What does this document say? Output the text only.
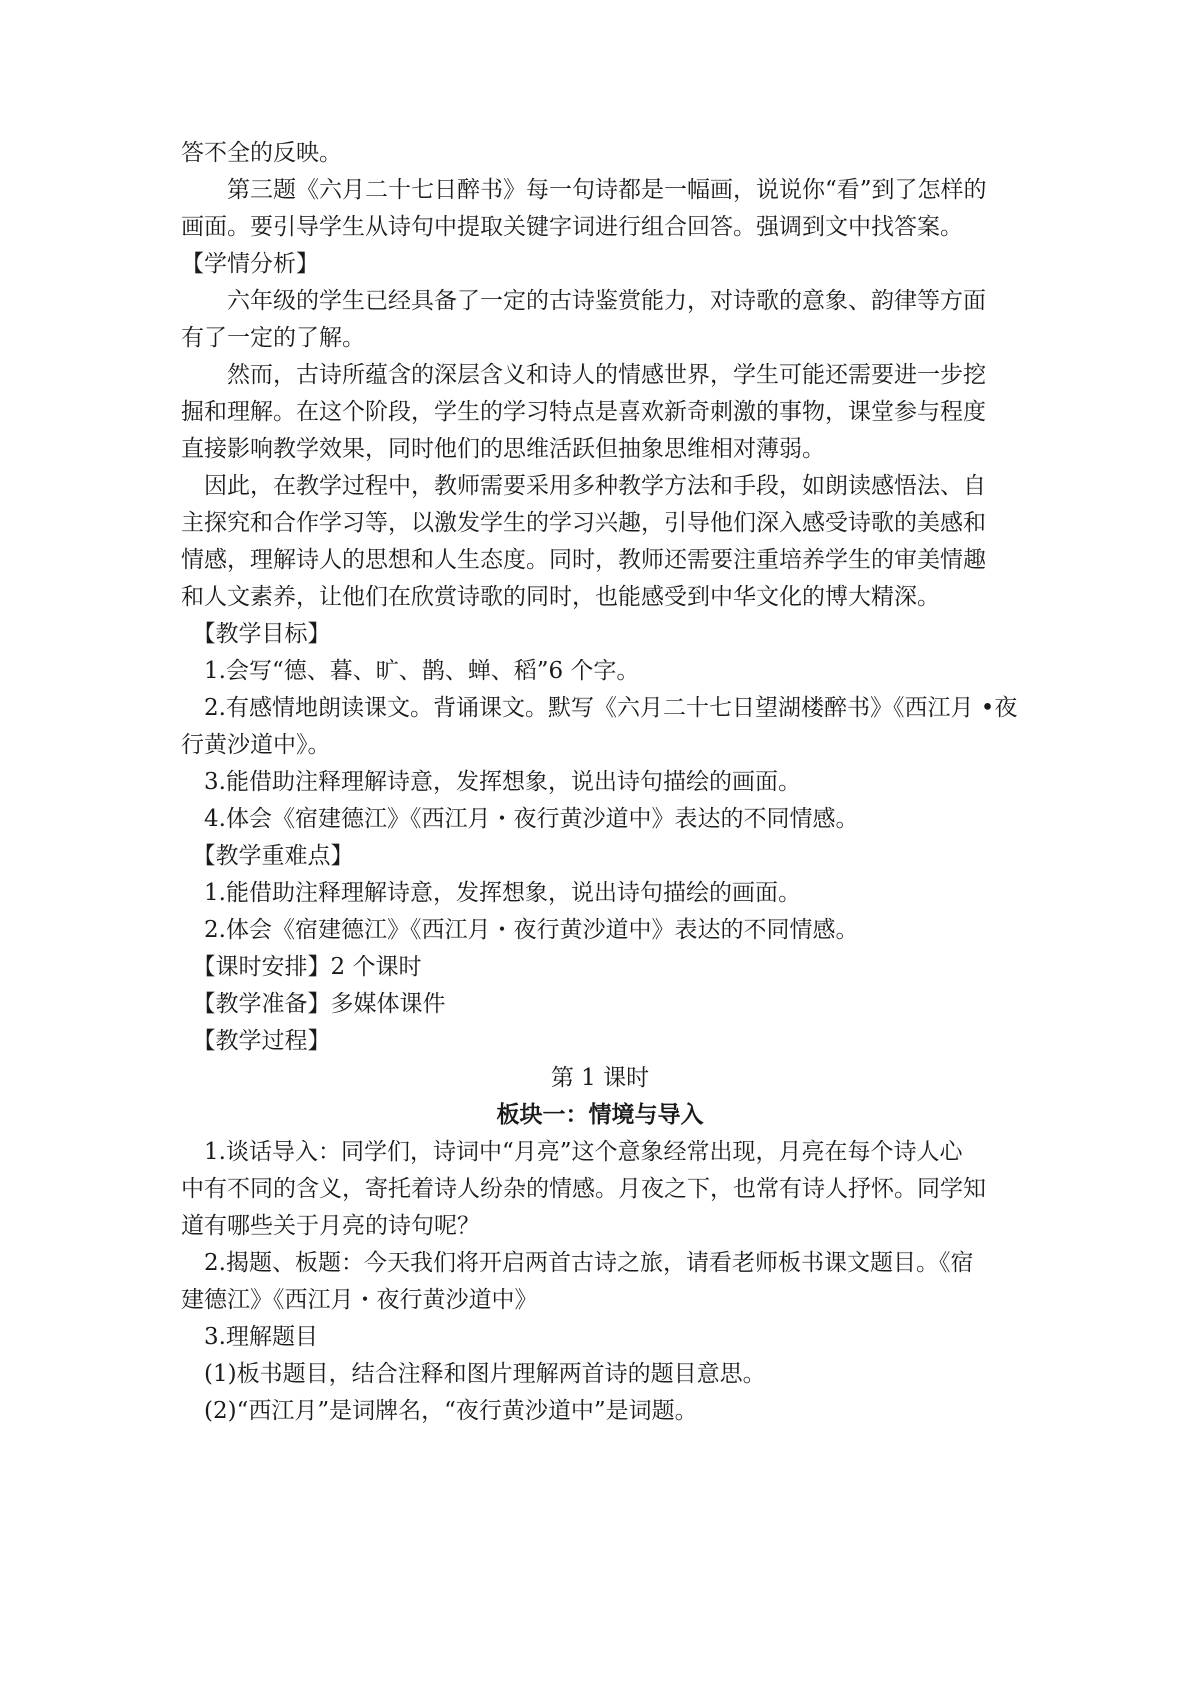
答不全的反映。

　　第三题《六月二十七日醉书》每一句诗都是一幅画，说说你“看”到了怎样的

画面。要引导学生从诗句中提取关键字词进行组合回答。强调到文中找答案。

【学情分析】

　　六年级的学生已经具备了一定的古诗鉴赏能力，对诗歌的意象、韵律等方面

有了一定的了解。

　　然而，古诗所蕴含的深层含义和诗人的情感世界，学生可能还需要进一步挖

掘和理解。在这个阶段，学生的学习特点是喜欢新奇刺激的事物，课堂参与程度

直接影响教学效果，同时他们的思维活跃但抽象思维相对薄弱。

　因此，在教学过程中，教师需要采用多种教学方法和手段，如朗读感悟法、自

主探究和合作学习等，以激发学生的学习兴趣，引导他们深入感受诗歌的美感和

情感，理解诗人的思想和人生态度。同时，教师还需要注重培养学生的审美情趣

和人文素养，让他们在欣赏诗歌的同时，也能感受到中华文化的博大精深。

　【教学目标】

　1.会写“德、暮、旷、鹊、蝉、稻”6 个字。

　2.有感情地朗读课文。背诵课文。默写《六月二十七日望湖楼醉书》《西江月 •夜

行黄沙道中》。

　3.能借助注释理解诗意，发挥想象，说出诗句描绘的画面。

　4.体会《宿建德江》《西江月・夜行黄沙道中》表达的不同情感。

　【教学重难点】

　1.能借助注释理解诗意，发挥想象，说出诗句描绘的画面。

　2.体会《宿建德江》《西江月・夜行黄沙道中》表达的不同情感。

　【课时安排】2 个课时

　【教学准备】多媒体课件

　【教学过程】

第 1 课时

板块一：情境与导入

　1.谈话导入：同学们，诗词中“月亮”这个意象经常出现，月亮在每个诗人心

中有不同的含义，寄托着诗人纷杂的情感。月夜之下，也常有诗人抒怀。同学知

道有哪些关于月亮的诗句呢？

　2.揭题、板题：今天我们将开启两首古诗之旅，请看老师板书课文题目。《宿

建德江》《西江月・夜行黄沙道中》

　3.理解题目

　(1)板书题目，结合注释和图片理解两首诗的题目意思。

　(2)“西江月”是词牌名，“夜行黄沙道中”是词题。
